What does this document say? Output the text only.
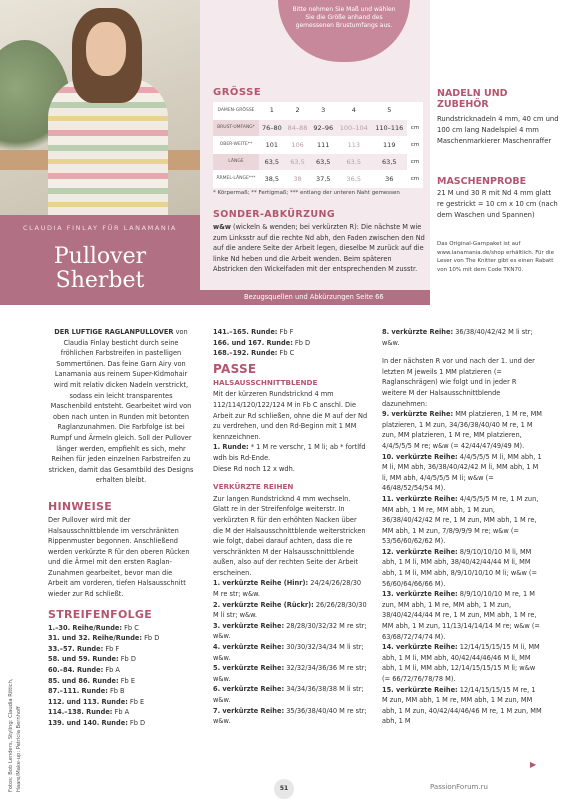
CLAUDIA FINLAY FÜR LANAMANIA
Pullover
Sherbet
Bitte nehmen Sie Maß und wählen Sie die Größe anhand des gemessenen Brustumfangs aus.
GRÖSSE
DAMEN-GRÖSSE	1	2	3	4	5	
BRUST-UMFANG*	76–80	84–88	92–96	100–104	110–116	cm
OBER-WEITE**	101	106	111	113	119	cm
LÄNGE	63,5	63,5	63,5	63,5	63,5	cm
ÄRMEL-LÄNGE***	38,5	38	37,5	36,5	36	cm
* Körpermaß; ** Fertigmaß; *** entlang der unteren Naht gemessen
SONDER-ABKÜRZUNG
w&w (wickeln & wenden; bei verkürzten R): Die nächste M wie zum Linksstr auf die rechte Nd abh, den Faden zwischen den Nd auf die andere Seite der Arbeit legen, dieselbe M zurück auf die linke Nd heben und die Arbeit wenden. Beim späteren Abstricken den Wickelfaden mit der entsprechenden M zusstr.
Bezugsquellen und Abkürzungen Seite 66
NADELN UND ZUBEHÖR
Rundstricknadeln 4 mm, 40 cm und 100 cm lang Nadelspiel 4 mm Maschenmarkierer Maschenraffer
MASCHENPROBE
21 M und 30 R mit Nd 4 mm glatt re gestrickt = 10 cm x 10 cm (nach dem Waschen und Spannen)
Das Original-Garnpaket ist auf www.lanamania.de/shop erhältlich. Für die Leser von The Knitter gibt es einen Rabatt von 10% mit dem Code TKN70.

DER LUFTIGE RAGLANPULLOVER von Claudia Finlay besticht durch seine fröhlichen Farbstreifen in pastelligen Sommertönen. Das feine Garn Airy von Lanamania aus reinem Super-Kidmohair wird mit relativ dicken Nadeln verstrickt, sodass ein leicht transparentes Maschenbild entsteht. Gearbeitet wird von oben nach unten in Runden mit betonten Raglanzunahmen. Die Farbfolge ist bei Rumpf und Ärmeln gleich. Soll der Pullover länger werden, empfiehlt es sich, mehr Reihen für jeden einzelnen Farbstreifen zu stricken, damit das Gesamtbild des Designs erhalten bleibt.

HINWEISE

Der Pullover wird mit der Halsausschnittblende im verschränkten Rippenmuster begonnen. Anschließend werden verkürzte R für den oberen Rücken und die Ärmel mit den ersten Raglan-Zunahmen gearbeitet, bevor man die Arbeit am vorderen, tiefen Halsausschnitt wieder zur Rd schließt.

STREIFENFOLGE

1.–30. Reihe/Runde: Fb C

31. und 32. Reihe/Runde: Fb D

33.–57. Runde: Fb F

58. und 59. Runde: Fb D

60.–84. Runde: Fb A

85. und 86. Runde: Fb E

87.–111. Runde: Fb B

112. und 113. Runde: Fb E

114.–138. Runde: Fb A

139. und 140. Runde: Fb D

141.–165. Runde: Fb F

166. und 167. Runde: Fb D

168.–192. Runde: Fb C

PASSE
HALSAUSSCHNITTBLENDE

Mit der kürzeren Rundstricknd 4 mm 112/114/120/122/124 M in Fb C anschl. Die Arbeit zur Rd schließen, ohne die M auf der Nd zu verdrehen, und den Rd-Beginn mit 1 MM kennzeichnen.

1. Runde: * 1 M re verschr, 1 M li; ab * fortlfd wdh bis Rd-Ende.

Diese Rd noch 12 x wdh.

VERKÜRZTE REIHEN

Zur langen Rundstricknd 4 mm wechseln. Glatt re in der Streifenfolge weiterstr. In verkürzten R für den erhöhten Nacken über die M der Halsausschnittblende weiterstricken wie folgt, dabei darauf achten, dass die re verschränkten M der Halsausschnittblende außen, also auf der rechten Seite der Arbeit erscheinen.

1. verkürzte Reihe (Hinr): 24/24/26/28/30 M re str; w&w.

2. verkürzte Reihe (Rückr): 26/26/28/30/30 M li str; w&w.

3. verkürzte Reihe: 28/28/30/32/32 M re str; w&w.

4. verkürzte Reihe: 30/30/32/34/34 M li str; w&w.

5. verkürzte Reihe: 32/32/34/36/36 M re str; w&w.

6. verkürzte Reihe: 34/34/36/38/38 M li str; w&w.

7. verkürzte Reihe: 35/36/38/40/40 M re str; w&w.

8. verkürzte Reihe: 36/38/40/42/42 M li str; w&w.

In der nächsten R vor und nach der 1. und der letzten M jeweils 1 MM platzieren (= Raglanschrägen) wie folgt und in jeder R weitere M der Halsausschnittblende dazunehmen:

9. verkürzte Reihe: MM platzieren, 1 M re, MM platzieren, 1 M zun, 34/36/38/40/40 M re, 1 M zun, MM platzieren, 1 M re, MM platzieren, 4/4/5/5/5 M re; w&w (= 42/44/47/49/49 M).

10. verkürzte Reihe: 4/4/5/5/5 M li, MM abh, 1 M li, MM abh, 36/38/40/42/42 M li, MM abh, 1 M li, MM abh, 4/4/5/5/5 M li; w&w (= 46/48/52/54/54 M).

11. verkürzte Reihe: 4/4/5/5/5 M re, 1 M zun, MM abh, 1 M re, MM abh, 1 M zun, 36/38/40/42/42 M re, 1 M zun, MM abh, 1 M re, MM abh, 1 M zun, 7/8/9/9/9 M re; w&w (= 53/56/60/62/62 M).

12. verkürzte Reihe: 8/9/10/10/10 M li, MM abh, 1 M li, MM abh, 38/40/42/44/44 M li, MM abh, 1 M li, MM abh, 8/9/10/10/10 M li; w&w (= 56/60/64/66/66 M).

13. verkürzte Reihe: 8/9/10/10/10 M re, 1 M zun, MM abh, 1 M re, MM abh, 1 M zun, 38/40/42/44/44 M re, 1 M zun, MM abh, 1 M re, MM abh, 1 M zun, 11/13/14/14/14 M re; w&w (= 63/68/72/74/74 M).

14. verkürzte Reihe: 12/14/15/15/15 M li, MM abh, 1 M li, MM abh, 40/42/44/46/46 M li, MM abh, 1 M li, MM abh, 12/14/15/15/15 M li; w&w (= 66/72/76/78/78 M).

15. verkürzte Reihe: 12/14/15/15/15 M re, 1 M zun, MM abh, 1 M re, MM abh, 1 M zun, MM abh, 1 M zun, 40/42/44/46/46 M re, 1 M zun, MM abh, 1 M

Fotos: Bob Lenders, Styling: Claudia Rittich, Haare/Make-up: Patricia Bernhoff	▶
51	PassionForum.ru
